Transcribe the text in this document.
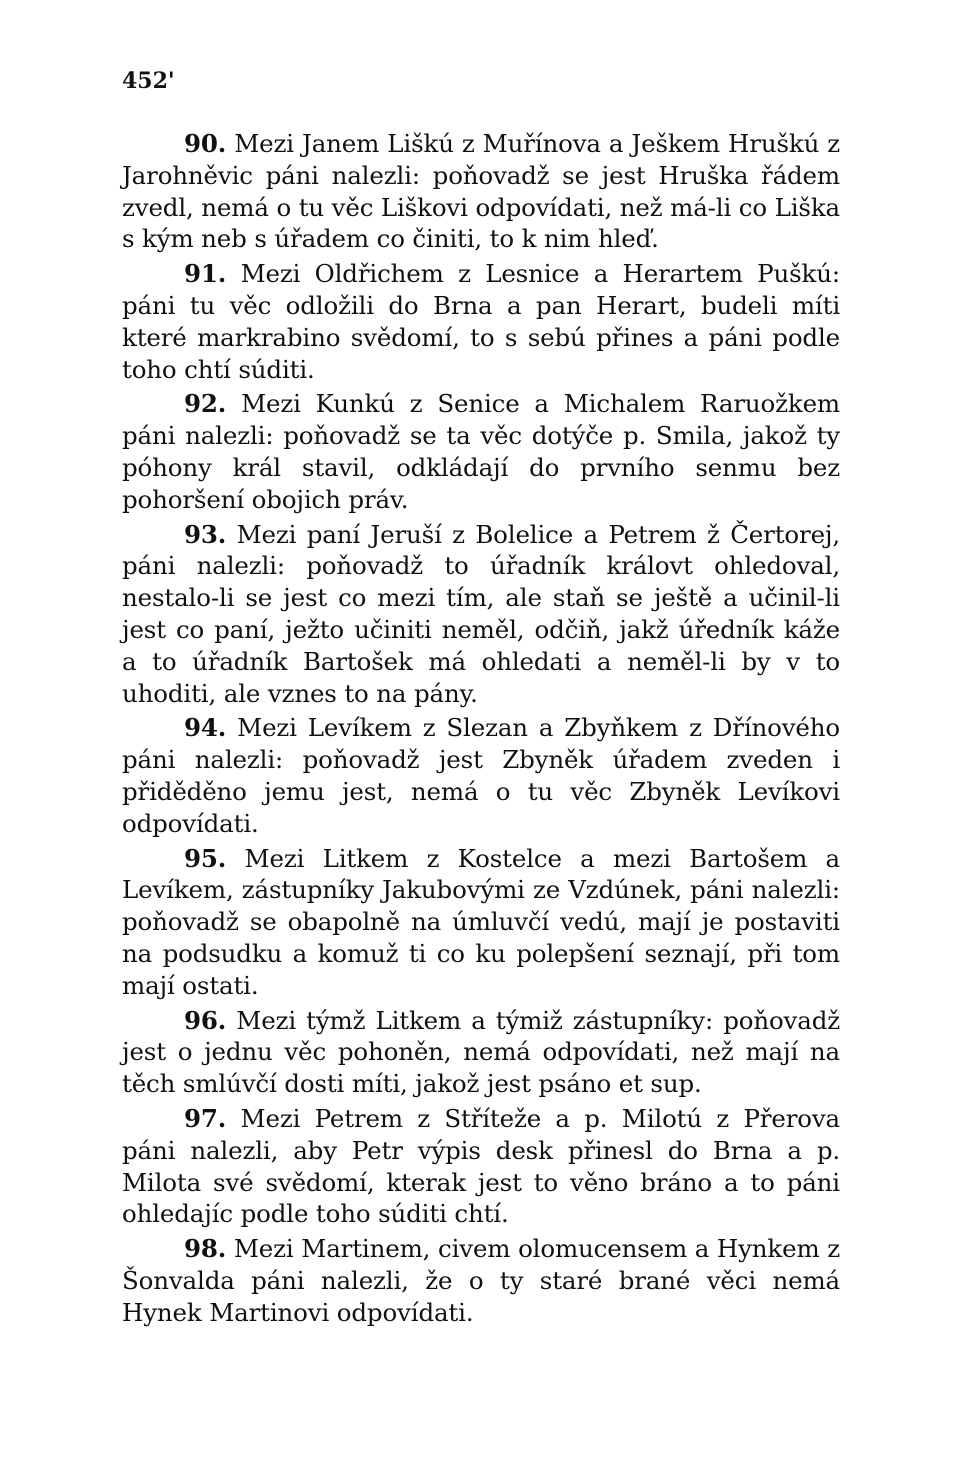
452'

90. Mezi Janem Liškú z Muřínova a Ješkem Hruškú z Jarohněvic páni nalezli: poňovadž se jest Hruška řádem zvedl, nemá o tu věc Liškovi odpovídati, než má-li co Liška s kým neb s úřadem co činiti, to k nim hleď.

91. Mezi Oldřichem z Lesnice a Herartem Puškú: páni tu věc odložili do Brna a pan Herart, budeli míti které markrabino svědomí, to s sebú přines a páni podle toho chtí súditi.

92. Mezi Kunkú z Senice a Michalem Raruožkem páni nalezli: poňovadž se ta věc dotýče p. Smila, jakož ty póhony král stavil, odkládají do prvního senmu bez pohoršení obojich práv.

93. Mezi paní Jeruší z Bolelice a Petrem ž Čertorej, páni nalezli: poňovadž to úřadník královt ohledoval, nestalo-li se jest co mezi tím, ale staň se ještě a učinil-li jest co paní, ježto učiniti neměl, odčiň, jakž úředník káže a to úřadník Bartošek má ohledati a neměl-li by v to uhoditi, ale vznes to na pány.

94. Mezi Levíkem z Slezan a Zbyňkem z Dřínového páni nalezli: poňovadž jest Zbyněk úřadem zveden i přiděděno jemu jest, nemá o tu věc Zbyněk Levíkovi odpovídati.

95. Mezi Litkem z Kostelce a mezi Bartošem a Levíkem, zástupníky Jakubovými ze Vzdúnek, páni nalezli: poňovadž se obapolně na úmluvčí vedú, mají je postaviti na podsudku a komuž ti co ku polepšení seznají, při tom mají ostati.

96. Mezi týmž Litkem a týmiž zástupníky: poňovadž jest o jednu věc pohoněn, nemá odpovídati, než mají na těch smlúvčí dosti míti, jakož jest psáno et sup.

97. Mezi Petrem z Stříteže a p. Milotú z Přerova páni nalezli, aby Petr výpis desk přinesl do Brna a p. Milota své svědomí, kterak jest to věno bráno a to páni ohledajíc podle toho súditi chtí.

98. Mezi Martinem, civem olomucensem a Hynkem z Šonvalda páni nalezli, že o ty staré brané věci nemá Hynek Martinovi odpovídati.
